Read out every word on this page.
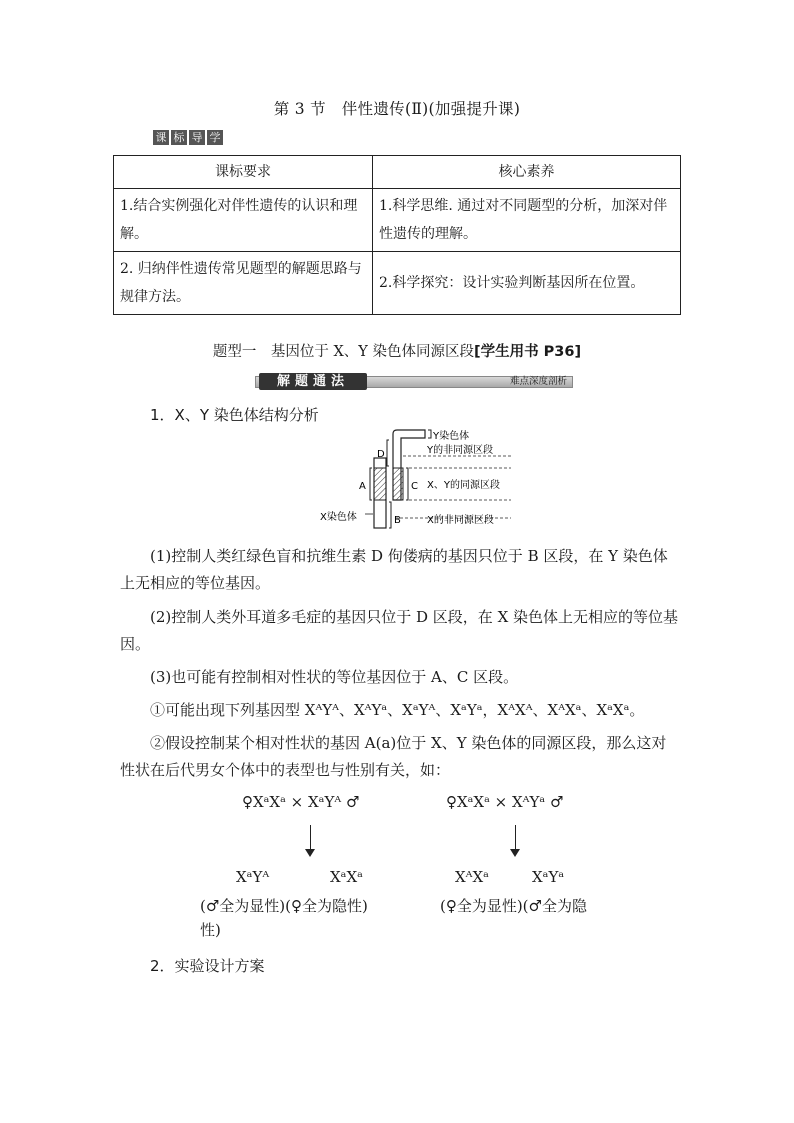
第 3 节　伴性遗传(Ⅱ)(加强提升课)
课 标 导 学
课标要求	核心素养
1.结合实例强化对伴性遗传的认识和理解。	1.科学思维. 通过对不同题型的分析，加深对伴性遗传的理解。
2. 归纳伴性遗传常见题型的解题思路与规律方法。	2.科学探究：设计实验判断基因所在位置。
题型一　基因位于 X、Y 染色体同源区段[学生用书 P36]
解题通法	难点深度剖析
1．X、Y 染色体结构分析
Y染色体
Y的非同源区段
X、Y的同源区段
X染色体	X的非同源区段
D
A	C
B
(1)控制人类红绿色盲和抗维生素 D 佝偻病的基因只位于 B 区段，在 Y 染色体上无相应的等位基因。
(2)控制人类外耳道多毛症的基因只位于 D 区段，在 X 染色体上无相应的等位基因。
(3)也可能有控制相对性状的等位基因位于 A、C 区段。
①可能出现下列基因型 XᴬYᴬ、XᴬYᵃ、XᵃYᴬ、XᵃYᵃ，XᴬXᴬ、XᴬXᵃ、XᵃXᵃ。
②假设控制某个相对性状的基因 A(a)位于 X、Y 染色体的同源区段，那么这对性状在后代男女个体中的表型也与性别有关，如：
♀XᵃXᵃ × XᵃYᴬ ♂
XᵃYᴬ	XᵃXᵃ
(♂全为显性)(♀全为隐性)
♀XᵃXᵃ × XᴬYᵃ ♂
XᴬXᵃ	XᵃYᵃ
(♀全为显性)(♂全为隐
性)
2．实验设计方案
